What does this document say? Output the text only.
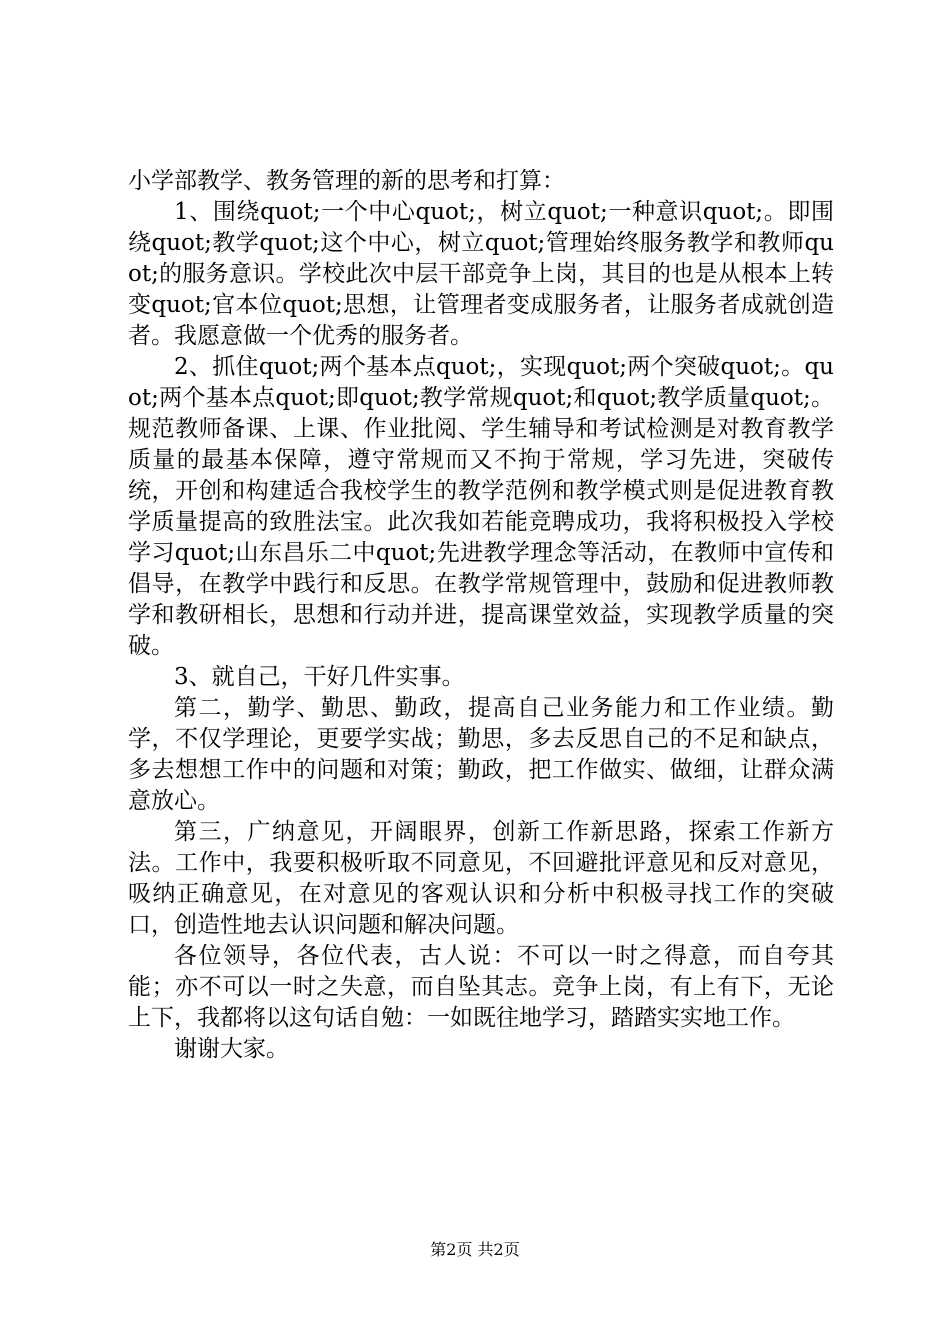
小学部教学、教务管理的新的思考和打算：

1、围绕quot;一个中心quot;，树立quot;一种意识quot;。即围绕quot;教学quot;这个中心，树立quot;管理始终服务教学和教师quot;的服务意识。学校此次中层干部竞争上岗，其目的也是从根本上转变quot;官本位quot;思想，让管理者变成服务者，让服务者成就创造者。我愿意做一个优秀的服务者。

2、抓住quot;两个基本点quot;，实现quot;两个突破quot;。quot;两个基本点quot;即quot;教学常规quot;和quot;教学质量quot;。规范教师备课、上课、作业批阅、学生辅导和考试检测是对教育教学质量的最基本保障，遵守常规而又不拘于常规，学习先进，突破传统，开创和构建适合我校学生的教学范例和教学模式则是促进教育教学质量提高的致胜法宝。此次我如若能竞聘成功，我将积极投入学校学习quot;山东昌乐二中quot;先进教学理念等活动，在教师中宣传和倡导，在教学中践行和反思。在教学常规管理中，鼓励和促进教师教学和教研相长，思想和行动并进，提高课堂效益，实现教学质量的突破。

3、就自己，干好几件实事。

第二，勤学、勤思、勤政，提高自己业务能力和工作业绩。勤学，不仅学理论，更要学实战；勤思，多去反思自己的不足和缺点，多去想想工作中的问题和对策；勤政，把工作做实、做细，让群众满意放心。

第三，广纳意见，开阔眼界，创新工作新思路，探索工作新方法。工作中，我要积极听取不同意见，不回避批评意见和反对意见，吸纳正确意见，在对意见的客观认识和分析中积极寻找工作的突破口，创造性地去认识问题和解决问题。

各位领导，各位代表，古人说：不可以一时之得意，而自夸其能；亦不可以一时之失意，而自坠其志。竞争上岗，有上有下，无论上下，我都将以这句话自勉：一如既往地学习，踏踏实实地工作。

谢谢大家。

第2页 共2页
